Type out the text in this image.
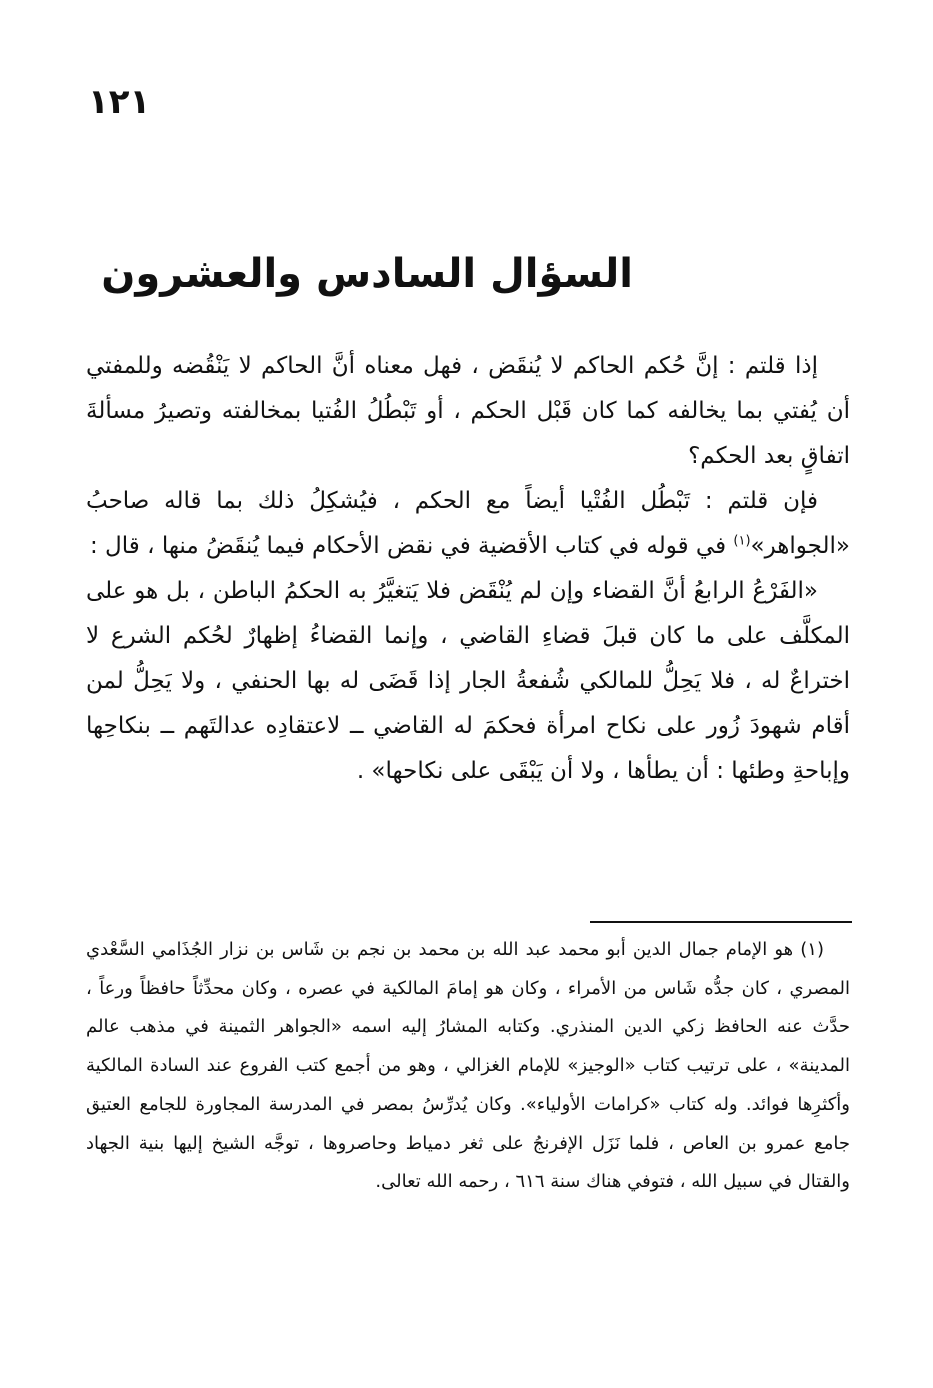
١٢١
السؤال السادس والعشرون

إذا قلتم : إنَّ حُكم الحاكم لا يُنقَض ، فهل معناه أنَّ الحاكم لا يَنْقُضه وللمفتي أن يُفتي بما يخالفه كما كان قَبْل الحكم ، أو تَبْطُلُ الفُتيا بمخالفته وتصيرُ مسألةَ اتفاقٍ بعد الحكم؟

فإن قلتم : تَبْطُل الفُتْيا أيضاً مع الحكم ، فيُشكِلُ ذلك بما قاله صاحبُ «الجواهر»$^{(١)}$ في قوله في كتاب الأقضية في نقض الأحكام فيما يُنقَضُ منها ، قال :

«الفَرْعُ الرابعُ أنَّ القضاء وإن لم يُنْقَض فلا يَتغيَّرُ به الحكمُ الباطن ، بل هو على المكلَّف على ما كان قبلَ قضاءِ القاضي ، وإنما القضاءُ إظهارٌ لحُكم الشرع لا اختراعٌ له ، فلا يَحِلُّ للمالكي شُفعةُ الجار إذا قَضَى له بها الحنفي ، ولا يَحِلُّ لمن أقام شهودَ زُور على نكاح امرأة فحكمَ له القاضي ــ لاعتقادِه عدالتَهم ــ بنكاحِها وإباحةِ وطئها : أن يطأها ، ولا أن يَبْقَى على نكاحها» .

(١) هو الإمام جمال الدين أبو محمد عبد الله بن محمد بن نجم بن شَاس بن نزار الجُذَامي السَّعْدي المصري ، كان جدُّه شَاس من الأمراء ، وكان هو إمامَ المالكية في عصره ، وكان محدِّثاً حافظاً ورعاً ، حدَّث عنه الحافظ زكي الدين المنذري. وكتابه المشارُ إليه اسمه «الجواهر الثمينة في مذهب عالم المدينة» ، على ترتيب كتاب «الوجيز» للإمام الغزالي ، وهو من أجمع كتب الفروع عند السادة المالكية وأكثرِها فوائد. وله كتاب «كرامات الأولياء». وكان يُدرِّسُ بمصر في المدرسة المجاورة للجامع العتيق جامع عمرو بن العاص ، فلما نَزَل الإفرنجُ على ثغر دمياط وحاصروها ، توجَّه الشيخ إليها بنية الجهاد والقتال في سبيل الله ، فتوفي هناك سنة ٦١٦ ، رحمه الله تعالى.
